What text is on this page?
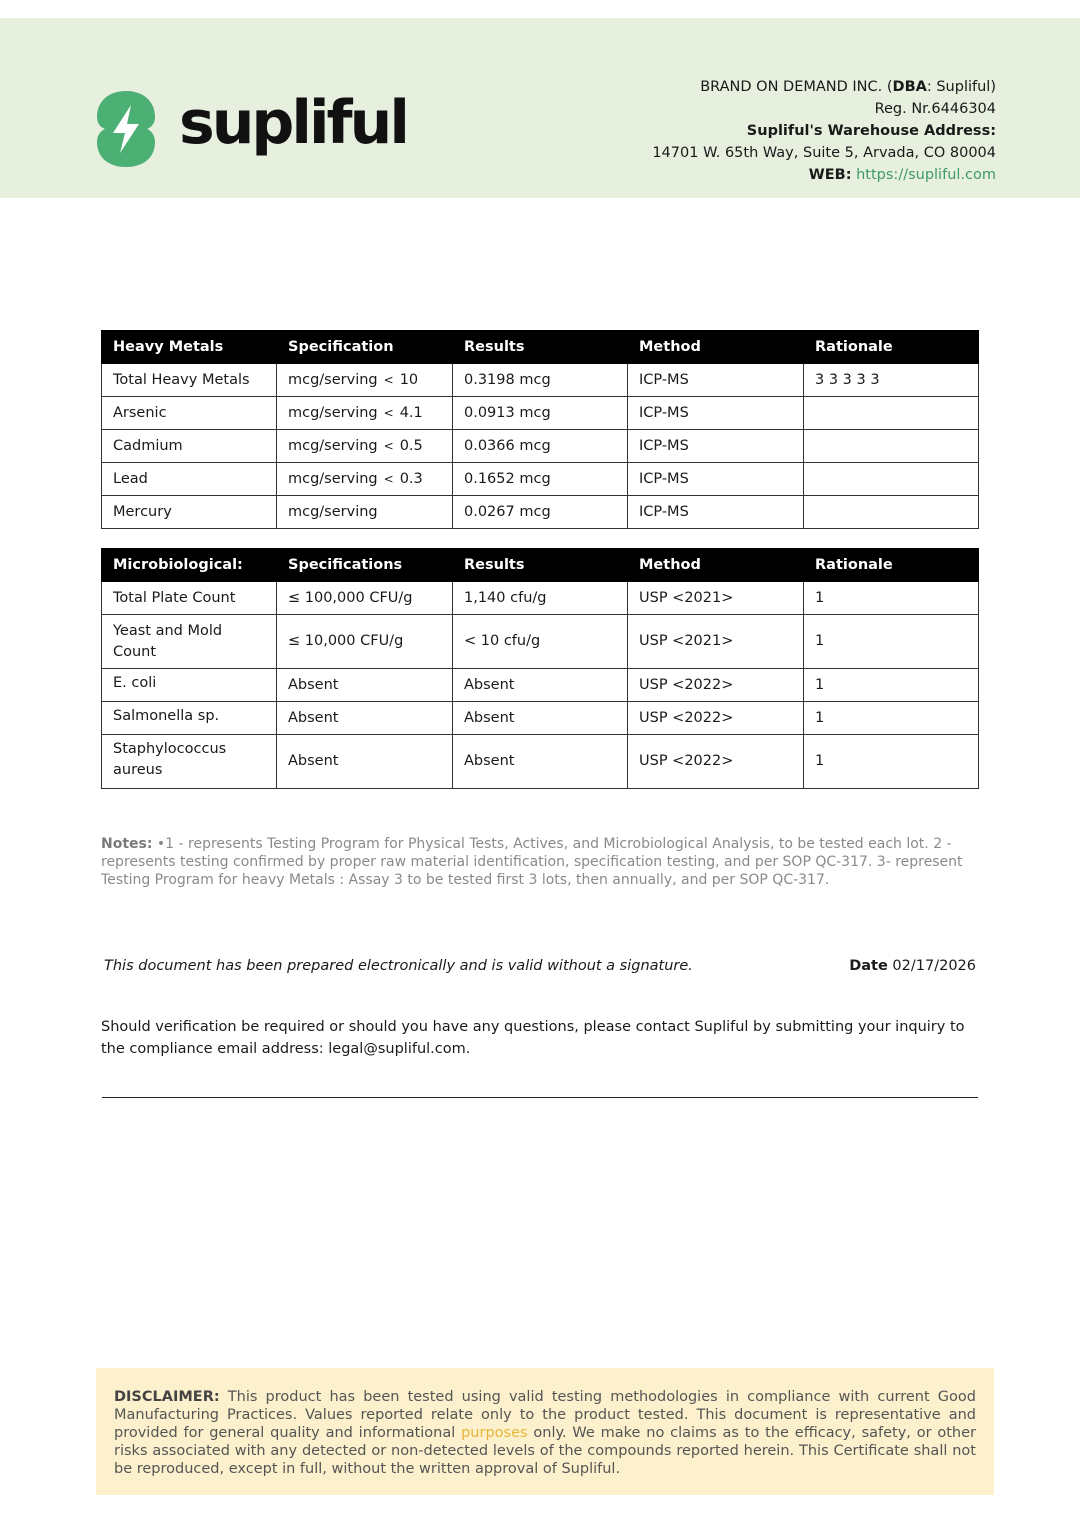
supliful
BRAND ON DEMAND INC. (DBA: Supliful)
Reg. Nr.6446304
Supliful's Warehouse Address:
14701 W. 65th Way, Suite 5, Arvada, CO 80004
WEB: https://supliful.com
Heavy Metals	Specification	Results	Method	Rationale
Total Heavy Metals	mcg/serving < 10	0.3198 mcg	ICP-MS	3 3 3 3 3
Arsenic	mcg/serving < 4.1	0.0913 mcg	ICP-MS	
Cadmium	mcg/serving < 0.5	0.0366 mcg	ICP-MS	
Lead	mcg/serving < 0.3	0.1652 mcg	ICP-MS	
Mercury	mcg/serving	0.0267 mcg	ICP-MS	
Microbiological:	Specifications	Results	Method	Rationale
Total Plate Count	≤ 100,000 CFU/g	1,140 cfu/g	USP <2021>	1
Yeast and Mold Count	≤ 10,000 CFU/g	< 10 cfu/g	USP <2021>	1
E. coli	Absent	Absent	USP <2022>	1
Salmonella sp.	Absent	Absent	USP <2022>	1
Staphylococcus aureus	Absent	Absent	USP <2022>	1
Notes: •1 - represents Testing Program for Physical Tests, Actives, and Microbiological Analysis, to be tested each lot. 2 - represents testing confirmed by proper raw material identification, specification testing, and per SOP QC-317. 3- represent Testing Program for heavy Metals : Assay 3 to be tested first 3 lots, then annually, and per SOP QC-317.
This document has been prepared electronically and is valid without a signature.	Date 02/17/2026
Should verification be required or should you have any questions, please contact Supliful by submitting your inquiry to the compliance email address: legal@supliful.com.
DISCLAIMER: This product has been tested using valid testing methodologies in compliance with current Good Manufacturing Practices. Values reported relate only to the product tested. This document is representative and provided for general quality and informational purposes only. We make no claims as to the efficacy, safety, or other risks associated with any detected or non-detected levels of the compounds reported herein. This Certificate shall not be reproduced, except in full, without the written approval of Supliful.
